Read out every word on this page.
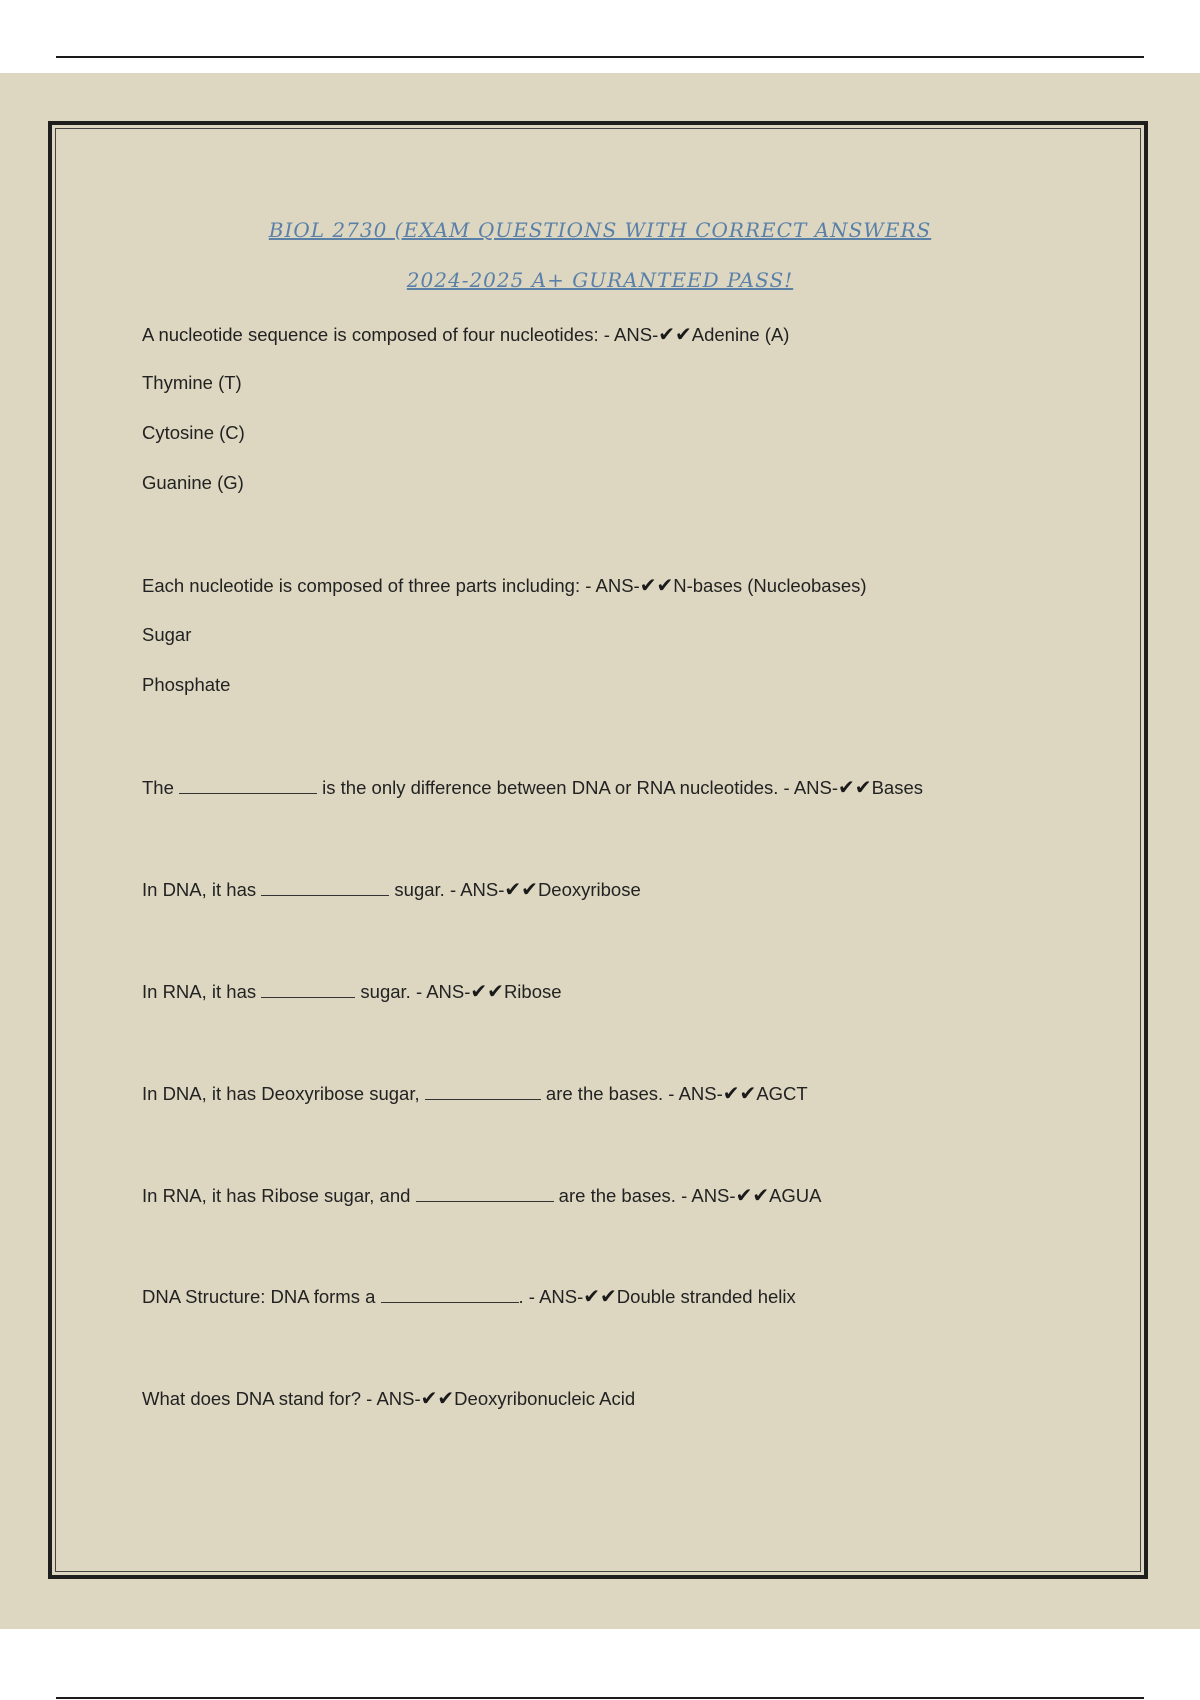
BIOL 2730 (EXAM QUESTIONS WITH CORRECT ANSWERS
2024-2025 A+ GURANTEED PASS!
A nucleotide sequence is composed of four nucleotides: - ANS-✔✔Adenine (A)
Thymine (T)
Cytosine (C)
Guanine (G)
Each nucleotide is composed of three parts including: - ANS-✔✔N-bases (Nucleobases)
Sugar
Phosphate
The	is the only difference between DNA or RNA nucleotides. - ANS-✔✔Bases
In DNA, it has	sugar. - ANS-✔✔Deoxyribose
In RNA, it has	sugar. - ANS-✔✔Ribose
In DNA, it has Deoxyribose sugar,	are the bases. - ANS-✔✔AGCT
In RNA, it has Ribose sugar, and	are the bases. - ANS-✔✔AGUA
DNA Structure: DNA forms a	. - ANS-✔✔Double stranded helix
What does DNA stand for? - ANS-✔✔Deoxyribonucleic Acid
